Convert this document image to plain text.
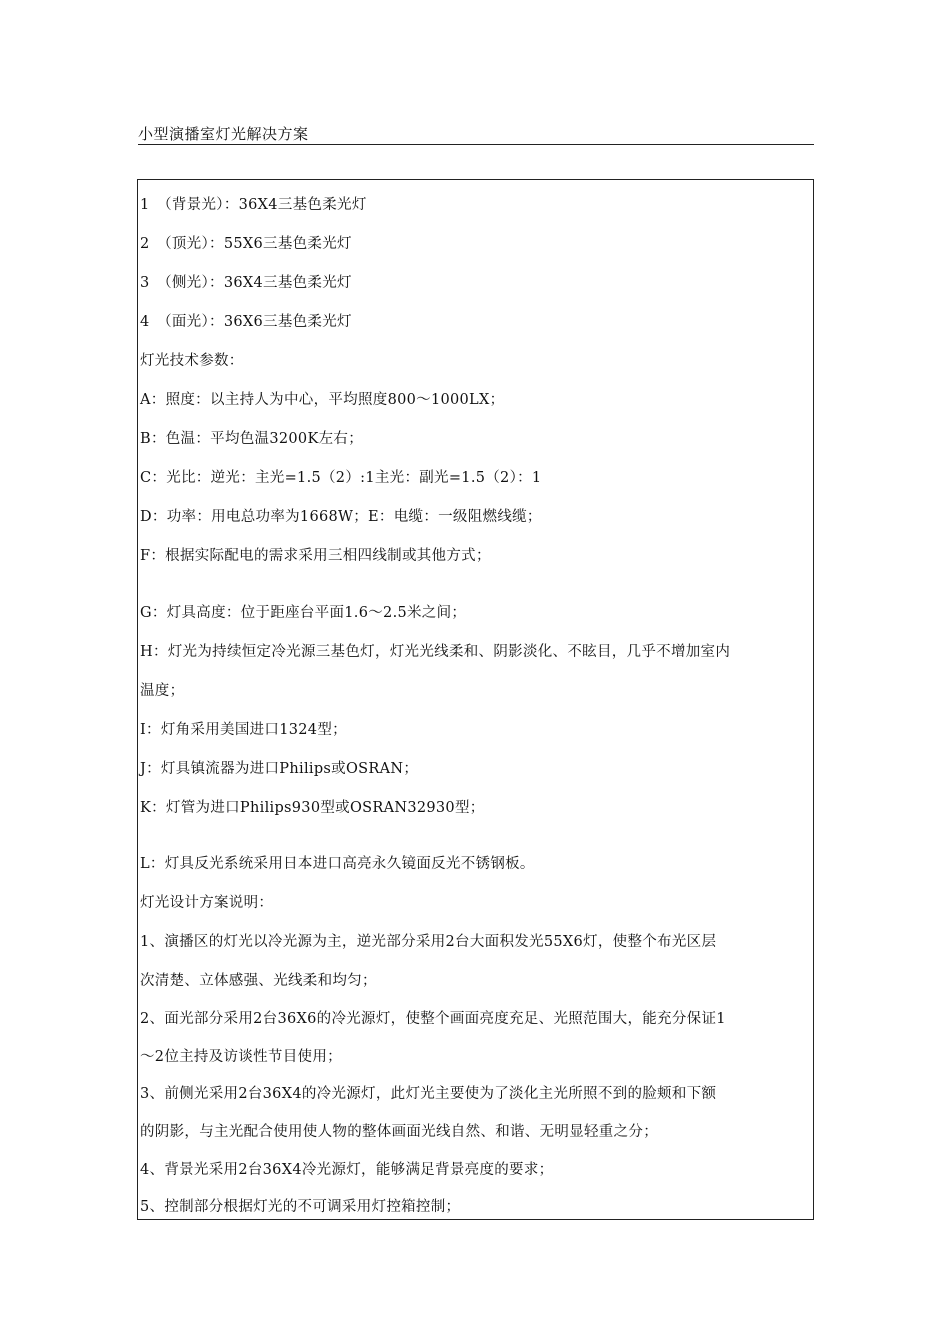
小型演播室灯光解决方案
1　（背景光）：36X4三基色柔光灯
2　（顶光）：55X6三基色柔光灯
3　（侧光）：36X4三基色柔光灯
4　（面光）：36X6三基色柔光灯
灯光技术参数：
A：照度：以主持人为中心，平均照度800〜1000LX；
B：色温：平均色温3200K左右；
C：光比：逆光：主光=1.5（2）:1主光：副光=1.5（2）：1
D：功率：用电总功率为1668W；E：电缆：一级阻燃线缆；
F：根据实际配电的需求采用三相四线制或其他方式；
G：灯具高度：位于距座台平面1.6〜2.5米之间；
H：灯光为持续恒定冷光源三基色灯，灯光光线柔和、阴影淡化、不眩目，几乎不增加室内
温度；
I：灯角采用美国进口1324型；
J：灯具镇流器为进口Philips或OSRAN；
K：灯管为进口Philips930型或OSRAN32930型；
L：灯具反光系统采用日本进口高亮永久镜面反光不锈钢板。
灯光设计方案说明：
1、演播区的灯光以冷光源为主，逆光部分采用2台大面积发光55X6灯，使整个布光区层
次清楚、立体感强、光线柔和均匀；
2、面光部分采用2台36X6的冷光源灯，使整个画面亮度充足、光照范围大，能充分保证1
〜2位主持及访谈性节目使用；
3、前侧光采用2台36X4的冷光源灯，此灯光主要使为了淡化主光所照不到的脸颊和下额
的阴影，与主光配合使用使人物的整体画面光线自然、和谐、无明显轻重之分；
4、背景光采用2台36X4冷光源灯，能够满足背景亮度的要求；
5、控制部分根据灯光的不可调采用灯控箱控制；
